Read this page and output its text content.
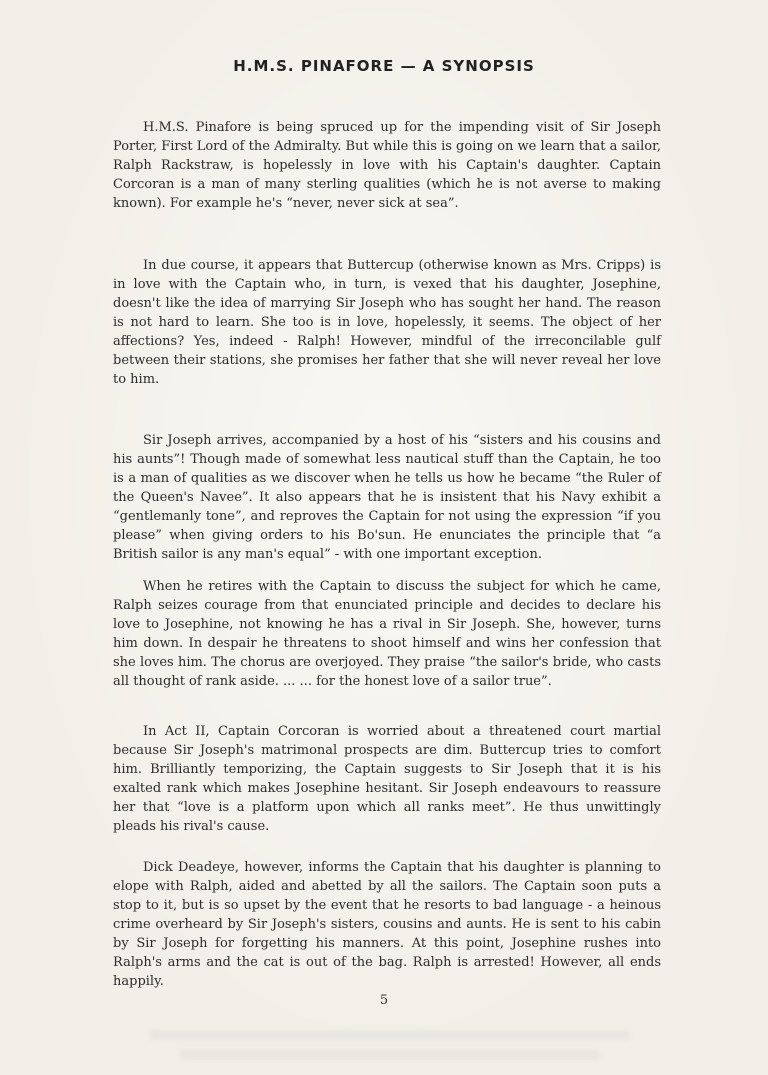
H.M.S. PINAFORE — A SYNOPSIS

H.M.S. Pinafore is being spruced up for the impending visit of Sir Joseph Porter, First Lord of the Admiralty. But while this is going on we learn that a sailor, Ralph Rackstraw, is hopelessly in love with his Captain's daughter. Captain Corcoran is a man of many sterling qualities (which he is not averse to making known). For example he's “never, never sick at sea”.

In due course, it appears that Buttercup (otherwise known as Mrs. Cripps) is in love with the Captain who, in turn, is vexed that his daughter, Josephine, doesn't like the idea of marrying Sir Joseph who has sought her hand. The reason is not hard to learn. She too is in love, hopelessly, it seems. The object of her affections? Yes, indeed - Ralph! However, mindful of the irreconcilable gulf between their stations, she promises her father that she will never reveal her love to him.

Sir Joseph arrives, accompanied by a host of his “sisters and his cousins and his aunts”! Though made of somewhat less nautical stuff than the Captain, he too is a man of qualities as we discover when he tells us how he became “the Ruler of the Queen's Navee”. It also appears that he is insistent that his Navy exhibit a “gentlemanly tone”, and reproves the Captain for not using the expression “if you please” when giving orders to his Bo'sun. He enunciates the principle that “a British sailor is any man's equal” - with one important exception.

When he retires with the Captain to discuss the subject for which he came, Ralph seizes courage from that enunciated principle and decides to declare his love to Josephine, not knowing he has a rival in Sir Joseph. She, however, turns him down. In despair he threatens to shoot himself and wins her confession that she loves him. The chorus are overjoyed. They praise “the sailor's bride, who casts all thought of rank aside. ... ... for the honest love of a sailor true”.

In Act II, Captain Corcoran is worried about a threatened court martial because Sir Joseph's matrimonal prospects are dim. Buttercup tries to comfort him. Brilliantly temporizing, the Captain suggests to Sir Joseph that it is his exalted rank which makes Josephine hesitant. Sir Joseph endeavours to reassure her that “love is a platform upon which all ranks meet”. He thus unwittingly pleads his rival's cause.

Dick Deadeye, however, informs the Captain that his daughter is planning to elope with Ralph, aided and abetted by all the sailors. The Captain soon puts a stop to it, but is so upset by the event that he resorts to bad language - a heinous crime overheard by Sir Joseph's sisters, cousins and aunts. He is sent to his cabin by Sir Joseph for forgetting his manners. At this point, Josephine rushes into Ralph's arms and the cat is out of the bag. Ralph is arrested! However, all ends happily.

5
